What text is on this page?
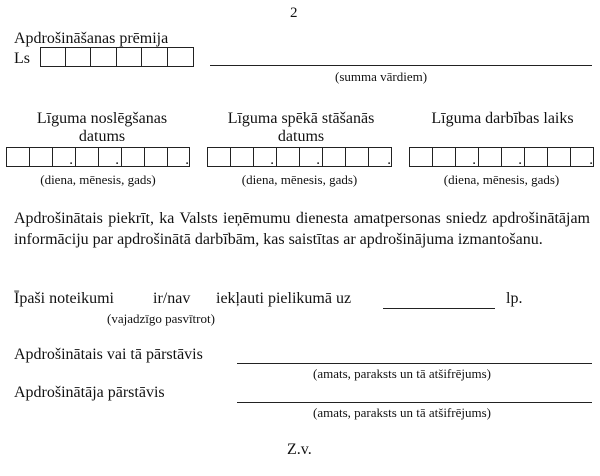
2
Apdrošināšanas prēmija
Ls
(summa vārdiem)
Līguma noslēgšanas
datums
.
.
.
(diena, mēnesis, gads)
Līguma spēkā stāšanās
datums
.
.
.
(diena, mēnesis, gads)
Līguma darbības laiks
.
.
.
(diena, mēnesis, gads)
Apdrošinātais piekrīt, ka Valsts ieņēmumu dienesta amatpersonas sniedz apdrošinātājam informāciju par apdrošinātā darbībām, kas saistītas ar apdrošinājuma izmantošanu.
Īpaši noteikumi ir/nav iekļauti pielikumā uz	lp.
(vajadzīgo pasvītrot)
Apdrošinātais vai tā pārstāvis
(amats, paraksts un tā atšifrējums)
Apdrošinātāja pārstāvis
(amats, paraksts un tā atšifrējums)
Z.v.
